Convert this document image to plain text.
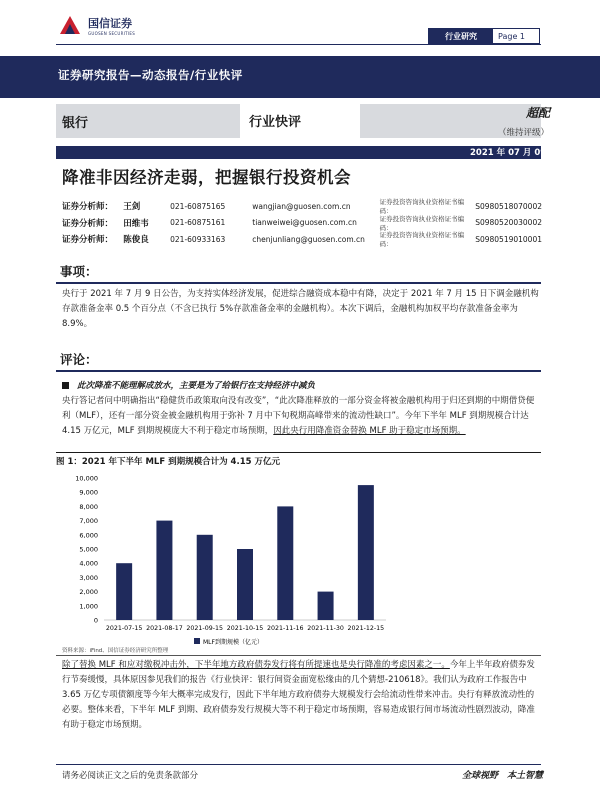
国信证券
GUOSEN SECURITIES	行业研究	Page 1
证券研究报告—动态报告/行业快评
银行	行业快评
超配
（维持评级）
2021 年 07 月 09 日
降准非因经济走弱，把握银行投资机会
证券分析师：	王剑	021-60875165	wangjian@guosen.com.cn	证券投资咨询执业资格证书编码：
S0980518070002
证券分析师：	田维韦	021-60875161	tianweiwei@guosen.com.cn	证券投资咨询执业资格证书编码：
S0980520030002
证券分析师：	陈俊良	021-60933163	chenjunliang@guosen.com.cn	证券投资咨询执业资格证书编码：
S0980519010001
事项：
央行于 2021 年 7 月 9 日公告，为支持实体经济发展，促进综合融资成本稳中有降，决定于 2021 年 7 月 15 日下调金融机构存款准备金率 0.5 个百分点（不含已执行 5%存款准备金率的金融机构）。本次下调后，金融机构加权平均存款准备金率为 8.9%。
评论：
此次降准不能理解成放水，主要是为了给银行在支持经济中减负
央行答记者问中明确指出“稳健货币政策取向没有改变”，“此次降准释放的一部分资金将被金融机构用于归还到期的中期借贷便利（MLF），还有一部分资金被金融机构用于弥补 7 月中下旬税期高峰带来的流动性缺口”。今年下半年 MLF 到期规模合计达 4.15 万亿元，MLF 到期规模庞大不利于稳定市场预期，因此央行用降准资金替换 MLF 助于稳定市场预期。
图 1：2021 年下半年 MLF 到期规模合计为 4.15 万亿元
0
1,000
2,000
3,000
4,000
5,000
6,000
7,000
8,000
9,000
10,000
2021-07-15 2021-08-17 2021-09-15 2021-10-15 2021-11-16 2021-11-30 2021-12-15
MLF到期规模（亿元）
资料来源：iFind、国信证券经济研究所整理
除了替换 MLF 和应对缴税冲击外，下半年地方政府债券发行将有所提速也是央行降准的考虑因素之一。今年上半年政府债券发行节奏缓慢，具体原因参见我们的报告《行业快评：银行间资金面宽松缘由的几个猜想-210618》。我们认为政府工作报告中 3.65 万亿专项债额度等今年大概率完成发行，因此下半年地方政府债券大规模发行会给流动性带来冲击。央行有释放流动性的必要。整体来看，下半年 MLF 到期、政府债券发行规模大等不利于稳定市场预期，容易造成银行间市场流动性剧烈波动，降准有助于稳定市场预期。
请务必阅读正文之后的免责条款部分	全球视野　本土智慧
